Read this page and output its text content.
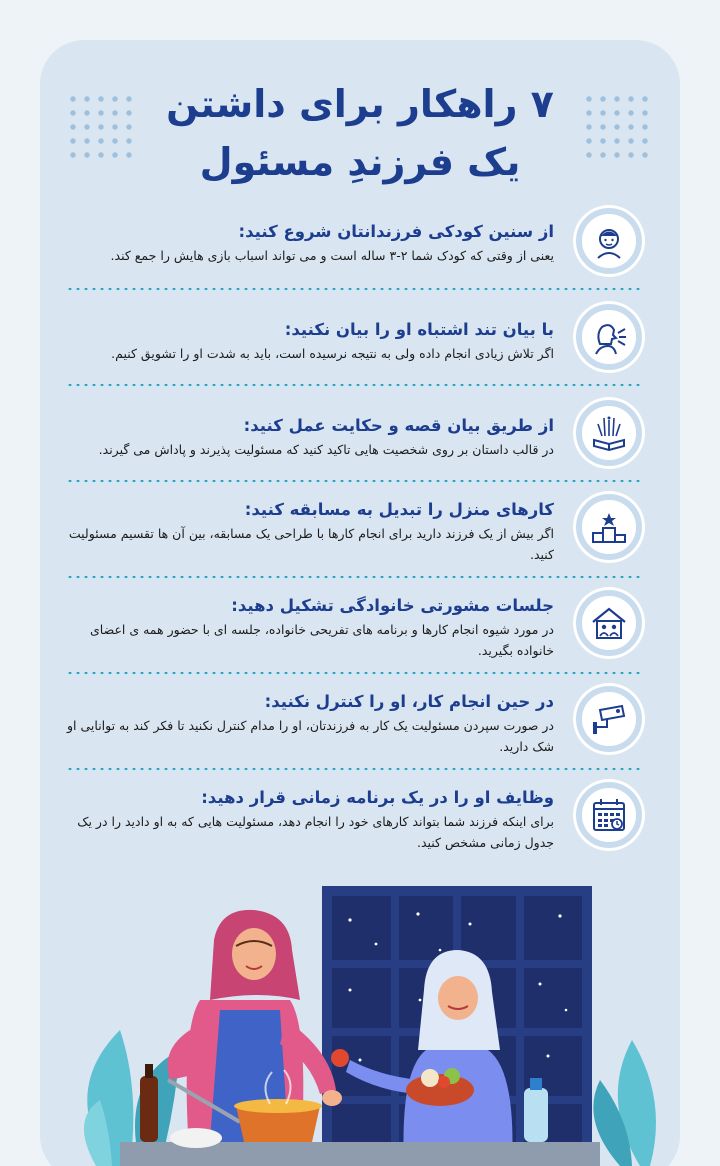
۷ راهکار برای داشتن
یک فرزندِ مسئول
از سنین کودکی فرزندانتان شروع کنید:
یعنی از وقتی که کودک شما ۲-۳ ساله است و می تواند اسباب بازی هایش را جمع کند.
با بیان تند اشتباه او را بیان نکنید:
اگر تلاش زیادی انجام داده ولی به نتیجه نرسیده است، باید به شدت او را تشویق کنیم.
از طریق بیان قصه و حکایت عمل کنید:
در قالب داستان بر روی شخصیت هایی تاکید کنید که مسئولیت پذیرند و پاداش می گیرند.
کارهای منزل را تبدیل به مسابقه کنید:
اگر بیش از یک فرزند دارید برای انجام کارها با طراحی یک مسابقه، بین آن ها تقسیم مسئولیت کنید.
جلسات مشورتی خانوادگی تشکیل دهید:
در مورد شیوه انجام کارها و برنامه های تفریحی خانواده، جلسه ای با حضور همه ی اعضای خانواده بگیرید.
در حین انجام کار، او را کنترل نکنید:
در صورت سپردن مسئولیت یک کار به فرزندتان، او را مدام کنترل نکنید تا فکر کند به توانایی او شک دارید.
وظایف او را در یک برنامه زمانی قرار دهید:
برای اینکه فرزند شما بتواند کارهای خود را انجام دهد، مسئولیت هایی که به او دادید را در یک جدول زمانی مشخص کنید.
